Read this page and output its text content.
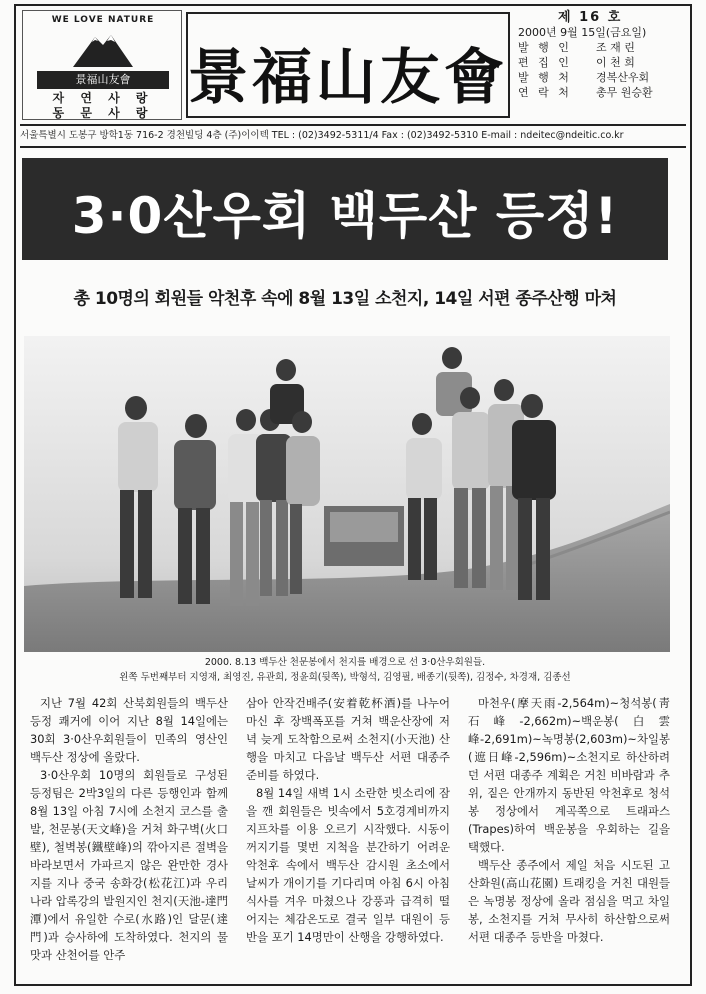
WE LOVE NATURE
景福山友會
자 연 사 랑
동 문 사 랑 景福山友會
제 16 호
2000년 9월 15일(금요일)
발 행 인	조 재 린
편 집 인	이 천 희
발 행 처	경복산우회
연 락 처	총무 원승환
서울특별시 도봉구 방학1동 716-2 경천빌딩 4층 (주)이이텍 TEL : (02)3492-5311/4 Fax : (02)3492-5310 E-mail : ndeitec@ndeitic.co.kr
3·0산우회 백두산 등정!
총 10명의 회원들 악천후 속에 8월 13일 소천지, 14일 서편 종주산행 마쳐
2000. 8.13 백두산 천문봉에서 천지를 배경으로 선 3·0산우회원들.
왼쪽 두번째부터 지영재, 최영진, 유관희, 정윤희(뒷쪽), 박형석, 김영필, 배종기(뒷쪽), 김정수, 차경재, 김종선

지난 7월 42회 산북회원들의 백두산 등정 쾌거에 이어 지난 8월 14일에는 30회 3·0산우회원들이 민족의 영산인 백두산 정상에 올랐다.

3·0산우회 10명의 회원들로 구성된 등정팀은 2박3일의 다른 등행인과 함께 8월 13일 아침 7시에 소천지 코스를 출발, 천문봉(天文峰)을 거쳐 화구벽(火口壁), 철벽봉(鐵壁峰)의 깎아지른 절벽을 바라보면서 가파르지 않은 완만한 경사지를 지나 중국 송화강(松花江)과 우리나라 압록강의 발원지인 천지(天池-達門潭)에서 유일한 수로(水路)인 달문(達門)과 승사하에 도착하였다. 천지의 물맛과 산천어를 안주

삼아 안작건배주(安着乾杯酒)를 나누어 마신 후 장백폭포를 거쳐 백운산장에 저녁 늦게 도착함으로써 소천지(小天池) 산행을 마치고 다음날 백두산 서편 대종주 준비를 하였다.

8월 14일 새벽 1시 소란한 빗소리에 잠을 깬 회원들은 빗속에서 5호경계비까지 지프차를 이용 오르기 시작했다. 시동이 꺼지기를 몇번 지척을 분간하기 어려운 악천후 속에서 백두산 감시원 초소에서 날씨가 개이기를 기다리며 아침 6시 아침식사를 겨우 마쳤으나 강풍과 급격히 떨어지는 체감온도로 결국 일부 대원이 등반을 포기 14명만이 산행을 강행하였다.

마천우(摩天雨-2,564m)~청석봉(靑石峰-2,662m)~백운봉(白雲峰-2,691m)~녹명봉(2,603m)~차일봉(遮日峰-2,596m)~소천지로 하산하려던 서편 대종주 계획은 거친 비바람과 추위, 짙은 안개까지 동반된 악천후로 청석봉 정상에서 계곡쪽으로 트래파스(Trapes)하여 백운봉을 우회하는 길을 택했다.

백두산 종주에서 제일 처음 시도된 고산화원(高山花園) 트래킹을 거친 대원들은 녹명봉 정상에 올라 점심을 먹고 차일봉, 소천지를 거쳐 무사히 하산함으로써 서편 대종주 등반을 마쳤다.
